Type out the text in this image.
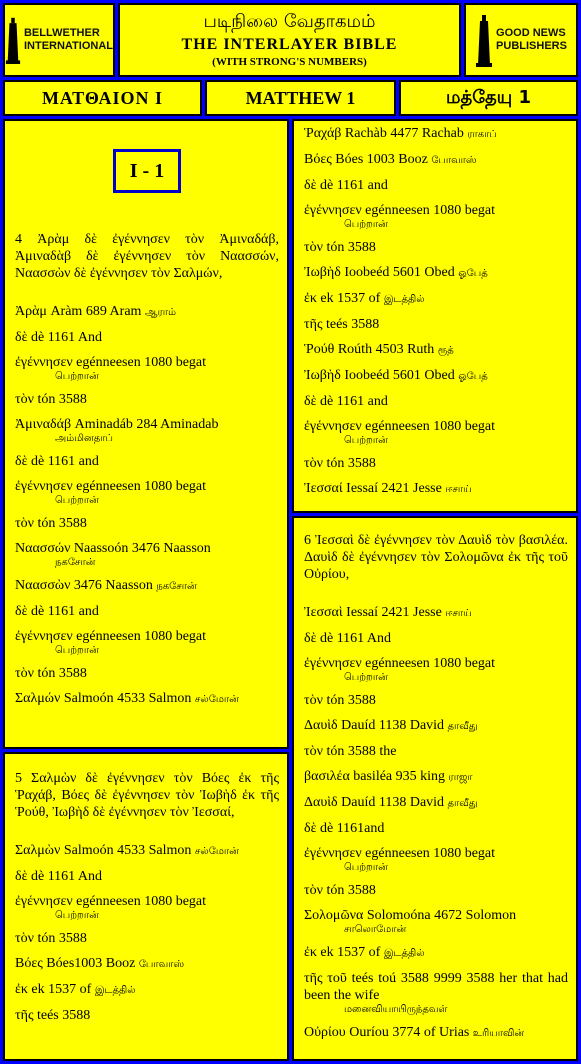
BELLWETHER
INTERNATIONAL
படிநிலை வேதாகமம்
THE INTERLAYER BIBLE
(WITH STRONG'S NUMBERS)
GOOD NEWS
PUBLISHERS
ΜΑΤΘΑΙΟΝ Ι	MATTHEW 1	மத்தேயு 1
I - 1
4 Ἀρὰμ δὲ ἐγέννησεν τὸν Ἀμιναδάβ, Ἀμιναδὰβ δὲ ἐγέννησεν τὸν Ναασσών, Ναασσὼν δὲ ἐγέννησεν τὸν Σαλμών,
Ἀρὰμ Aràm 689 Aram ஆராம்
δὲ dè 1161 And
ἐγέννησεν egénneesen 1080 begat
பெற்றான்
τὸν tón 3588
Ἀμιναδάβ Aminadáb 284 Aminadab
அம்மினதாப்
δὲ dè 1161 and
ἐγέννησεν egénneesen 1080 begat
பெற்றான்
τὸν tón 3588
Ναασσών Naassoón 3476 Naasson
நகசோன்
Ναασσὼν 3476 Naasson நகசோன்
δὲ dè 1161 and
ἐγέννησεν egénneesen 1080 begat
பெற்றான்
τὸν tón 3588
Σαλμών Salmoón 4533 Salmon சல்மோன்
5 Σαλμὼν δὲ ἐγέννησεν τὸν Βόες ἐκ τῆς Ῥαχάβ, Βόες δὲ ἐγέννησεν τὸν Ἰωβὴδ ἐκ τῆς Ῥούθ, Ἰωβὴδ δὲ ἐγέννησεν τὸν Ἰεσσαί,
Σαλμὼν Salmoón 4533 Salmon சல்மோன்
δὲ dè 1161 And
ἐγέννησεν egénneesen 1080 begat
பெற்றான்
τὸν tón 3588
Βόες Bóes1003 Booz போவாஸ்
ἐκ ek 1537 of இடத்தில்
τῆς teés 3588
Ῥαχάβ Rachàb 4477 Rachab ராகாப்
Βόες Bóes 1003 Booz போவாஸ்
δὲ dè 1161 and
ἐγέννησεν egénneesen 1080 begat
பெற்றான்
τὸν tón 3588
Ἰωβὴδ Ioobeéd 5601 Obed ஓபேத்
ἐκ ek 1537 of இடத்தில்
τῆς teés 3588
Ῥούθ Roúth 4503 Ruth ரூத்
Ἰωβὴδ Ioobeéd 5601 Obed ஓபேத்
δὲ dè 1161 and
ἐγέννησεν egénneesen 1080 begat
பெற்றான்
τὸν tón 3588
Ἰεσσαί Iessaí 2421 Jesse ஈசாய்
6 Ἰεσσαὶ δὲ ἐγέννησεν τὸν Δαυὶδ τὸν βασιλέα. Δαυὶδ δὲ ἐγέννησεν τὸν Σολομῶνα ἐκ τῆς τοῦ Οὐρίου,
Ἰεσσαὶ Iessaí 2421 Jesse ஈசாய்
δὲ dè 1161 And
ἐγέννησεν egénneesen 1080 begat
பெற்றான்
τὸν tón 3588
Δαυὶδ Dauíd 1138 David தாவீது
τὸν tón 3588 the
βασιλέα basiléa 935 king ராஜா
Δαυὶδ Dauíd 1138 David தாவீது
δὲ dè 1161and
ἐγέννησεν egénneesen 1080 begat
பெற்றான்
τὸν tón 3588
Σολομῶνα Solomoóna 4672 Solomon
சாலொமோன்
ἐκ ek 1537 of இடத்தில்
τῆς τοῦ teés toú 3588 9999 3588 her that had been the wife
மனைவியாயிருந்தவள்
Οὐρίου Ouríou 3774 of Urias உரியாவின்
